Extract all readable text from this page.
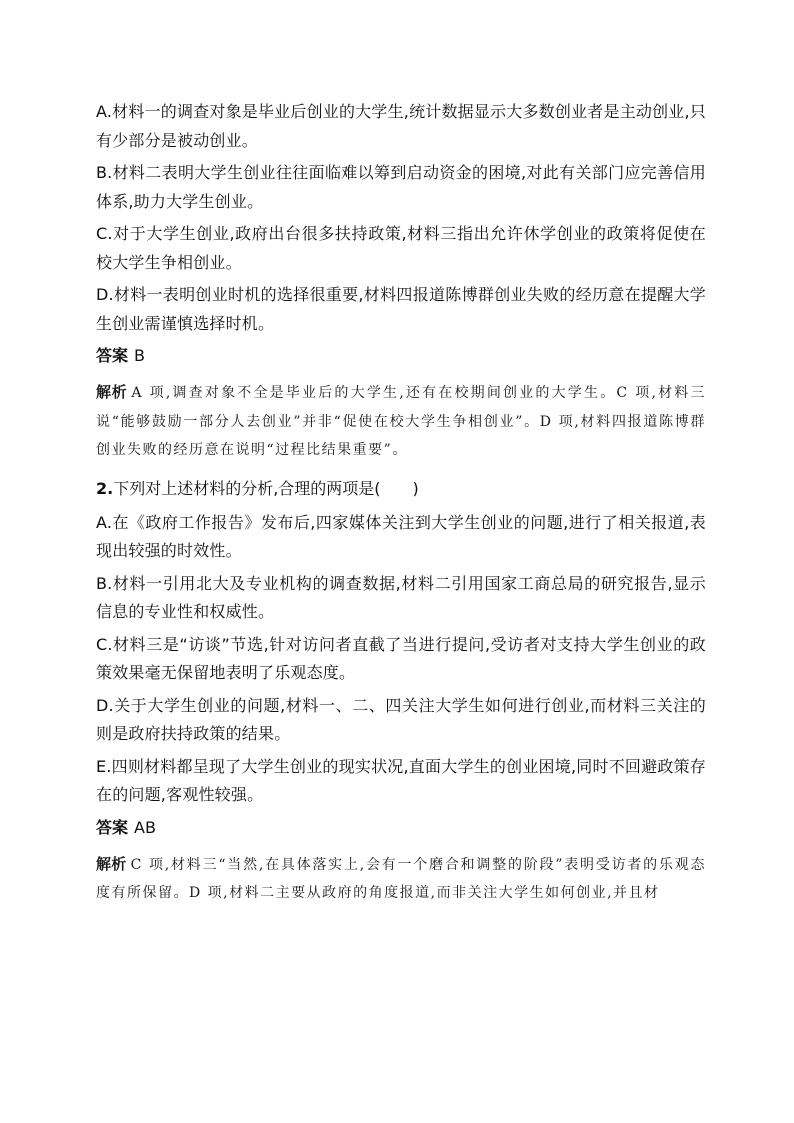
A.材料一的调查对象是毕业后创业的大学生,统计数据显示大多数创业者是主动创业,只有少部分是被动创业。

B.材料二表明大学生创业往往面临难以筹到启动资金的困境,对此有关部门应完善信用体系,助力大学生创业。

C.对于大学生创业,政府出台很多扶持政策,材料三指出允许休学创业的政策将促使在校大学生争相创业。

D.材料一表明创业时机的选择很重要,材料四报道陈博群创业失败的经历意在提醒大学生创业需谨慎选择时机。

答案 B

解析 A 项,调查对象不全是毕业后的大学生,还有在校期间创业的大学生。C 项,材料三说“能够鼓励一部分人去创业”并非“促使在校大学生争相创业”。D 项,材料四报道陈博群创业失败的经历意在说明“过程比结果重要”。

2.下列对上述材料的分析,合理的两项是(　　)

A.在《政府工作报告》发布后,四家媒体关注到大学生创业的问题,进行了相关报道,表现出较强的时效性。

B.材料一引用北大及专业机构的调查数据,材料二引用国家工商总局的研究报告,显示信息的专业性和权威性。

C.材料三是“访谈”节选,针对访问者直截了当进行提问,受访者对支持大学生创业的政策效果毫无保留地表明了乐观态度。

D.关于大学生创业的问题,材料一、二、四关注大学生如何进行创业,而材料三关注的则是政府扶持政策的结果。

E.四则材料都呈现了大学生创业的现实状况,直面大学生的创业困境,同时不回避政策存在的问题,客观性较强。

答案 AB

解析 C 项,材料三“当然,在具体落实上,会有一个磨合和调整的阶段”表明受访者的乐观态度有所保留。D 项,材料二主要从政府的角度报道,而非关注大学生如何创业,并且材
